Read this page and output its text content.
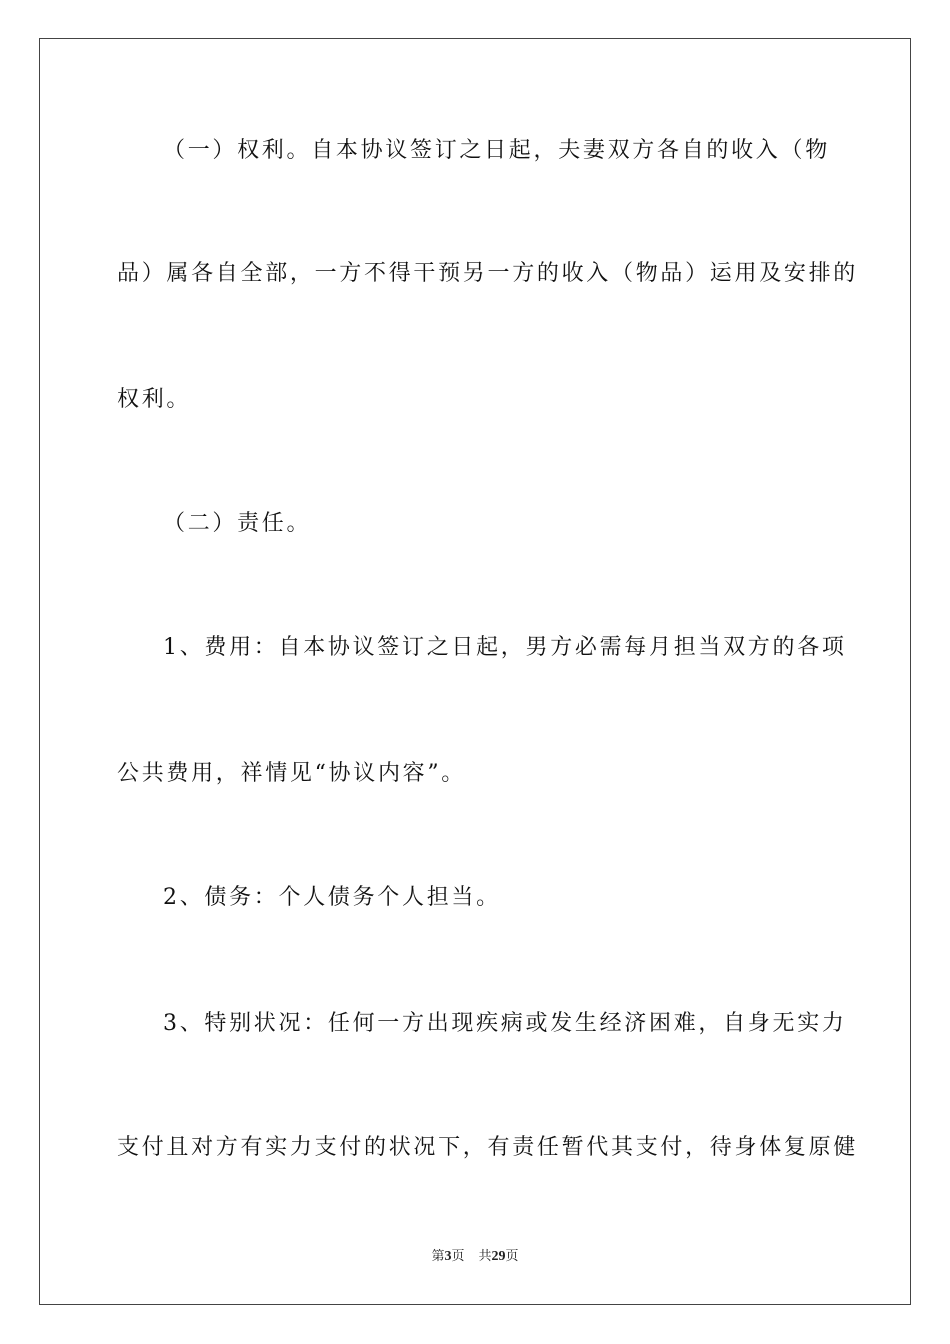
（一）权利。自本协议签订之日起，夫妻双方各自的收入（物
品）属各自全部，一方不得干预另一方的收入（物品）运用及安排的
权利。
（二）责任。
1、费用：自本协议签订之日起，男方必需每月担当双方的各项
公共费用，祥情见“协议内容”。
2、债务：个人债务个人担当。
3、特别状况：任何一方出现疾病或发生经济困难，自身无实力
支付且对方有实力支付的状况下，有责任暂代其支付，待身体复原健
第3页 共29页
